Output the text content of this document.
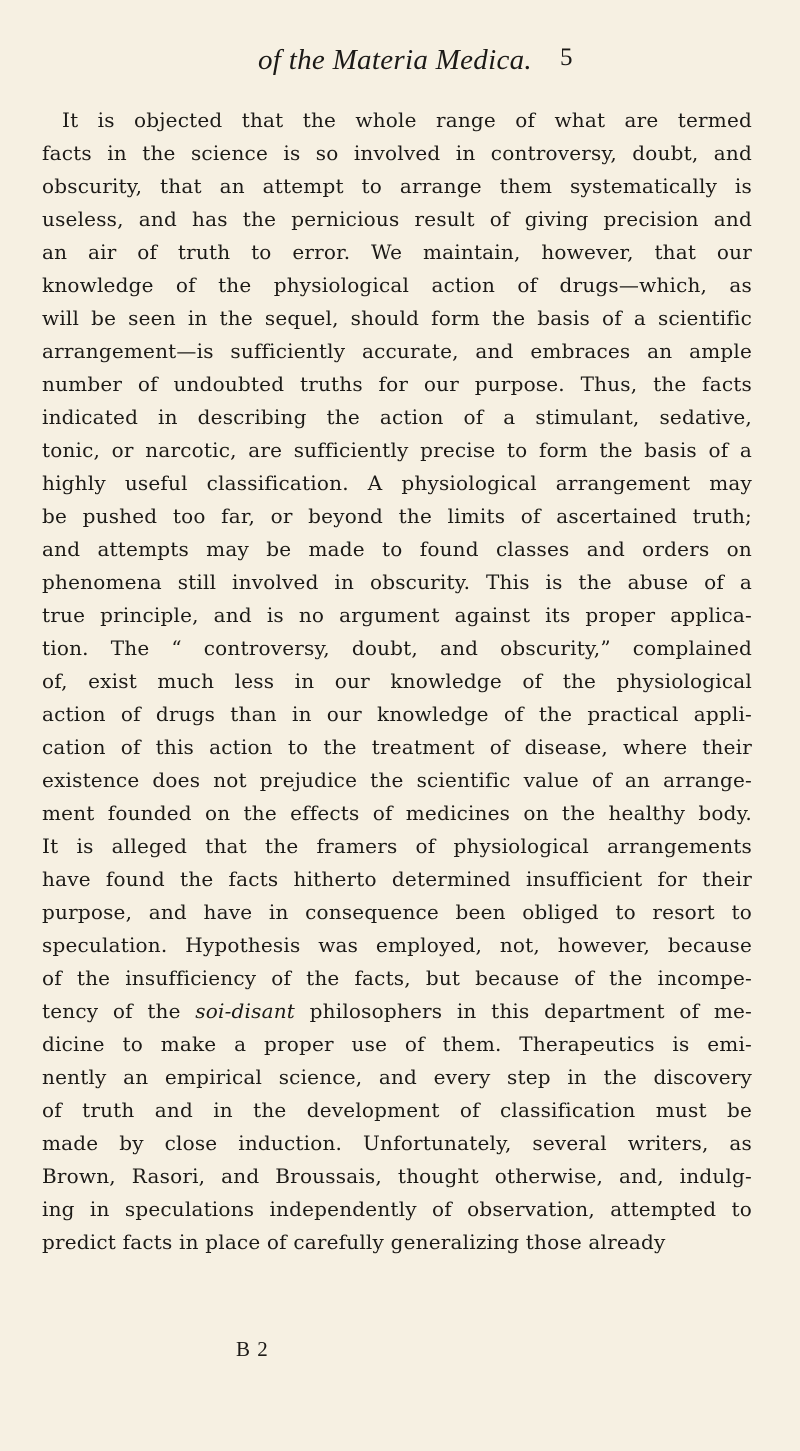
of the Materia Medica. 5
It is objected that the whole range of what are termed
facts in the science is so involved in controversy, doubt, and
obscurity, that an attempt to arrange them systematically is
useless, and has the pernicious result of giving precision and
an air of truth to error. We maintain, however, that our
knowledge of the physiological action of drugs—which, as
will be seen in the sequel, should form the basis of a scientific
arrangement—is sufficiently accurate, and embraces an ample
number of undoubted truths for our purpose. Thus, the facts
indicated in describing the action of a stimulant, sedative,
tonic, or narcotic, are sufficiently precise to form the basis of a
highly useful classification. A physiological arrangement may
be pushed too far, or beyond the limits of ascertained truth;
and attempts may be made to found classes and orders on
phenomena still involved in obscurity. This is the abuse of a
true principle, and is no argument against its proper applica-
tion. The “ controversy, doubt, and obscurity,” complained
of, exist much less in our knowledge of the physiological
action of drugs than in our knowledge of the practical appli-
cation of this action to the treatment of disease, where their
existence does not prejudice the scientific value of an arrange-
ment founded on the effects of medicines on the healthy body.
It is alleged that the framers of physiological arrangements
have found the facts hitherto determined insufficient for their
purpose, and have in consequence been obliged to resort to
speculation. Hypothesis was employed, not, however, because
of the insufficiency of the facts, but because of the incompe-
tency of the soi-disant philosophers in this department of me-
dicine to make a proper use of them. Therapeutics is emi-
nently an empirical science, and every step in the discovery
of truth and in the development of classification must be
made by close induction. Unfortunately, several writers, as
Brown, Rasori, and Broussais, thought otherwise, and, indulg-
ing in speculations independently of observation, attempted to
predict facts in place of carefully generalizing those already
B 2
